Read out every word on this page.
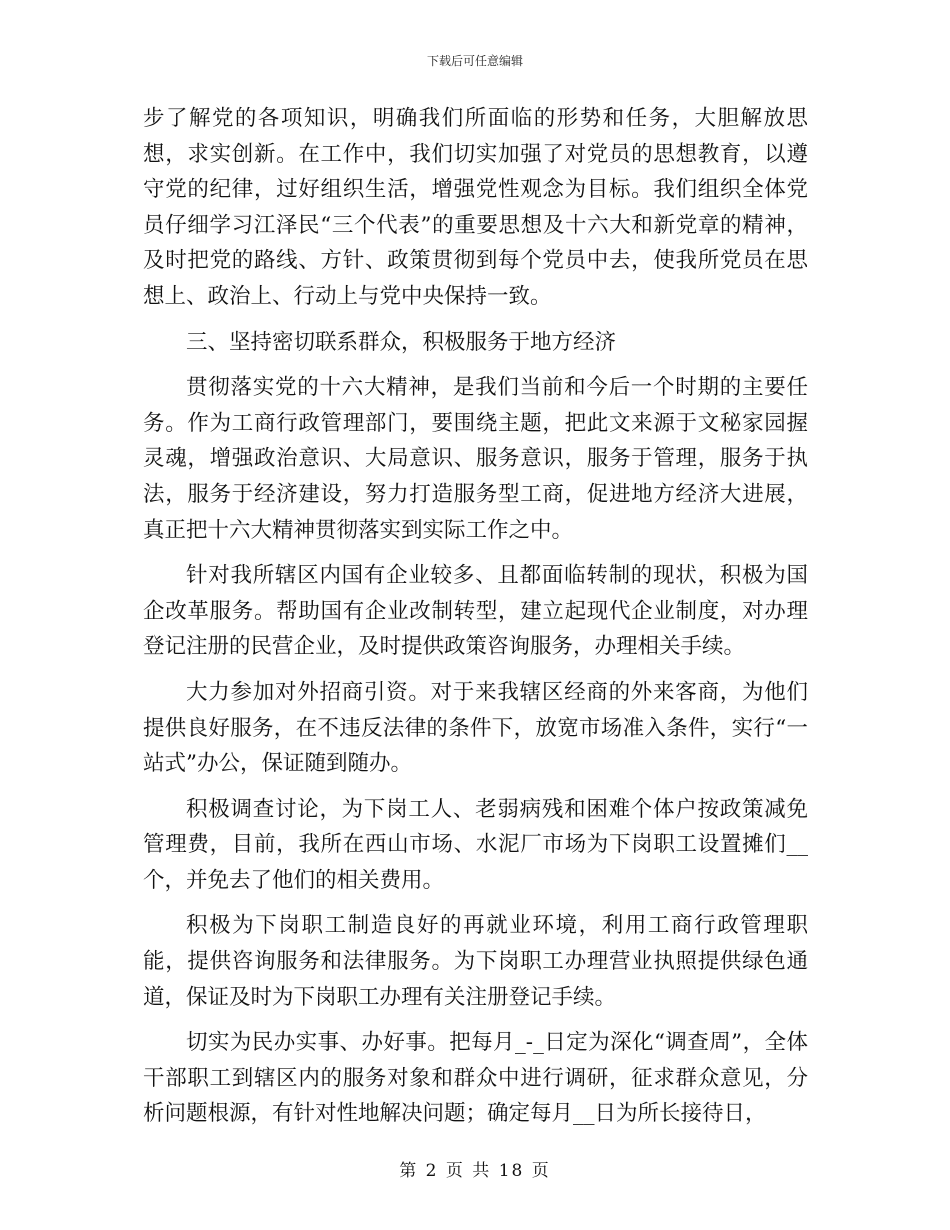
下载后可任意编辑

步了解党的各项知识，明确我们所面临的形势和任务，大胆解放思想，求实创新。在工作中，我们切实加强了对党员的思想教育，以遵守党的纪律，过好组织生活，增强党性观念为目标。我们组织全体党员仔细学习江泽民“三个代表”的重要思想及十六大和新党章的精神，及时把党的路线、方针、政策贯彻到每个党员中去，使我所党员在思想上、政治上、行动上与党中央保持一致。

三、坚持密切联系群众，积极服务于地方经济

贯彻落实党的十六大精神，是我们当前和今后一个时期的主要任务。作为工商行政管理部门，要围绕主题，把此文来源于文秘家园握灵魂，增强政治意识、大局意识、服务意识，服务于管理，服务于执法，服务于经济建设，努力打造服务型工商，促进地方经济大进展，真正把十六大精神贯彻落实到实际工作之中。

针对我所辖区内国有企业较多、且都面临转制的现状，积极为国企改革服务。帮助国有企业改制转型，建立起现代企业制度，对办理登记注册的民营企业，及时提供政策咨询服务，办理相关手续。

大力参加对外招商引资。对于来我辖区经商的外来客商，为他们提供良好服务，在不违反法律的条件下，放宽市场准入条件，实行“一站式”办公，保证随到随办。

积极调查讨论，为下岗工人、老弱病残和困难个体户按政策减免管理费，目前，我所在西山市场、水泥厂市场为下岗职工设置摊们__个，并免去了他们的相关费用。

积极为下岗职工制造良好的再就业环境，利用工商行政管理职能，提供咨询服务和法律服务。为下岗职工办理营业执照提供绿色通道，保证及时为下岗职工办理有关注册登记手续。

切实为民办实事、办好事。把每月_-_日定为深化“调查周”，全体干部职工到辖区内的服务对象和群众中进行调研，征求群众意见，分析问题根源，有针对性地解决问题；确定每月__日为所长接待日，

第 2 页 共 18 页
